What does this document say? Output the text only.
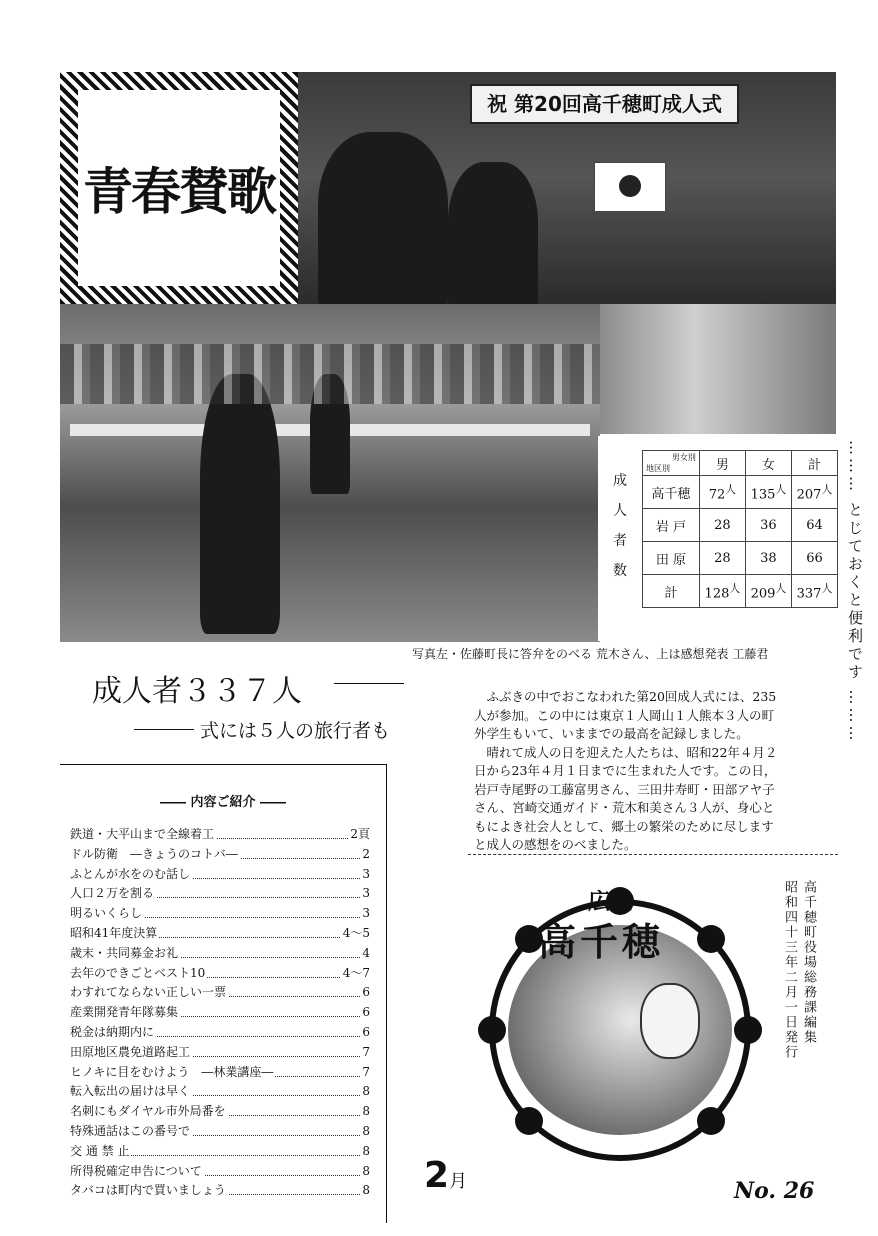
青春賛歌
祝 第20回高千穂町成人式
成
人
者
数
男女別
地区別	男	女	計
高千穂	$72^人$	$135^人$	$207^人$
岩 戸	28	36	64
田 原	28	38	66
計	$128^人$	$209^人$	$337^人$ ……… とじておくと便利です ………
写真左・佐藤町長に答弁をのべる 荒木さん、上は感想発表 工藤君
成人者３３７人
式には５人の旅行者も

ふぶきの中でおこなわれた第20回成人式には、235人が参加。この中には東京１人岡山１人熊本３人の町外学生もいて、いままでの最高を記録しました。

晴れて成人の日を迎えた人たちは、昭和22年４月２日から23年４月１日までに生まれた人です。この日，岩戸寺尾野の工藤富男さん、三田井寿町・田部アヤ子さん、宮崎交通ガイド・荒木和美さん３人が、身心ともによき社会人として、郷土の繁栄のために尽しますと成人の感想をのべました。

―― 内容ご紹介 ――
鉄道・大平山まで全線着工	2頁
ドル防衛　―きょうのコトバ―	2
ふとんが水をのむ話し	3
人口２万を割る	3
明るいくらし	3
昭和41年度決算	4～5
歳末・共同募金お礼	4
去年のできごとベスト10	4～7
わすれてならない正しい一票	6
産業開発青年隊募集	6
税金は納期内に	6
田原地区農免道路起工	7
ヒノキに目をむけよう　―林業講座―	7
転入転出の届けは早く	8
名刺にもダイヤル市外局番を	8
特殊通話はこの番号で	8
交 通 禁 止	8
所得税確定申告について	8
タバコは町内で買いましょう	8
広報
高千穂	高千穂町役場総務課編集
昭和四十三年二月一日発行
2月	No. 26
